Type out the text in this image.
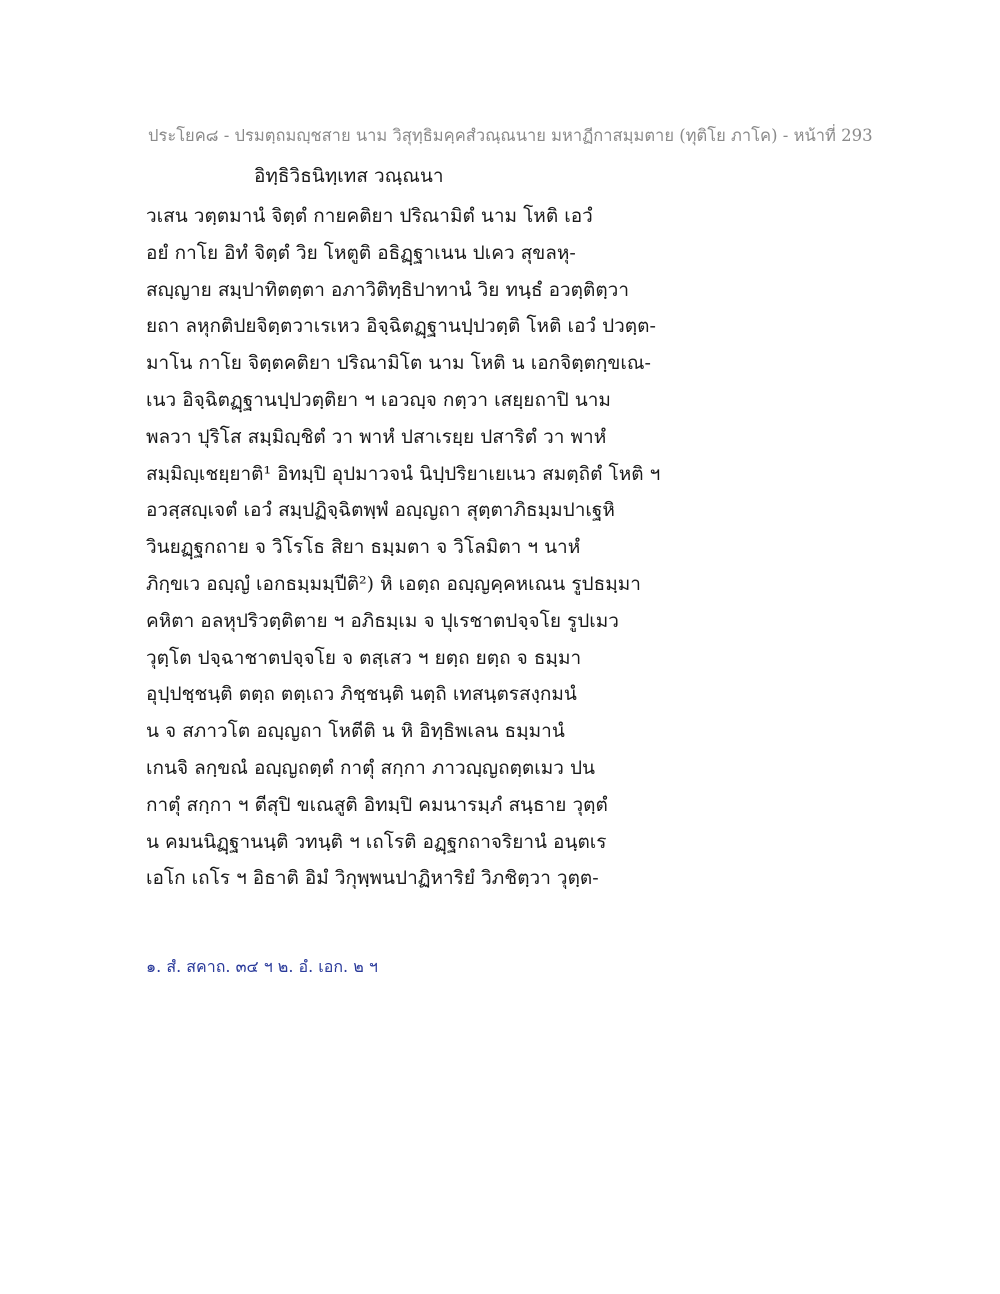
ประโยค๘ - ปรมตฺถมญฺชสาย นาม วิสุทฺธิมคฺคสํวณฺณนาย มหาฏีกาสมฺมตาย (ทุติโย ภาโค) - หน้าที่ 293
อิทฺธิวิธนิทฺเทส วณฺณนา
วเสน วตฺตมานํ จิตฺตํ กายคติยา ปริณามิตํ นาม โหติ เอวํ
อยํ กาโย อิทํ จิตฺตํ วิย โหตูติ อธิฏฺฐาเนน ปเคว สุขลหุ-
สญฺญาย สมฺปาทิตตฺตา อภาวิติทฺธิปาทานํ วิย ทนฺธํ อวตฺติตฺวา
ยถา ลหุกติปยจิตฺตวาเรเหว อิจฺฉิตฏฺฐานปฺปวตฺติ โหติ เอวํ ปวตฺต-
มาโน กาโย จิตฺตคติยา ปริณามิโต นาม โหติ น เอกจิตฺตกฺขเณ-
เนว อิจฺฉิตฏฺฐานปฺปวตฺติยา ฯ เอวญฺจ กตฺวา เสยฺยถาปิ นาม
พลวา ปุริโส สมฺมิญฺชิตํ วา พาหํ ปสาเรยฺย ปสาริตํ วา พาหํ
สมฺมิญฺเชยฺยาติ¹ อิทมฺปิ อุปมาวจนํ นิปฺปริยาเยเนว สมตฺถิตํ โหติ ฯ
อวสฺสญฺเจตํ เอวํ สมฺปฏิจฺฉิตพฺพํ อญฺญถา สุตฺตาภิธมฺมปาเฐหิ
วินยฏฺฐกถาย จ วิโรโธ สิยา ธมฺมตา จ วิโลมิตา ฯ นาหํ
ภิกฺขเว อญฺญํ เอกธมฺมมฺปีติ²) หิ เอตฺถ อญฺญคฺคหเณน รูปธมฺมา
คหิตา อลหุปริวตฺติตาย ฯ อภิธมฺเม จ ปุเรชาตปจฺจโย รูปเมว
วุตฺโต ปจฺฉาชาตปจฺจโย จ ตสฺเสว ฯ ยตฺถ ยตฺถ จ ธมฺมา
อุปฺปชฺชนฺติ ตตฺถ ตตฺเถว ภิชฺชนฺติ นตฺถิ เทสนฺตรสงฺกมนํ
น จ สภาวโต อญฺญถา โหตีติ น หิ อิทฺธิพเลน ธมฺมานํ
เกนจิ ลกฺขณํ อญฺญถตฺตํ กาตุํ สกฺกา ภาวญฺญถตฺตเมว ปน
กาตุํ สกฺกา ฯ ตีสุปิ ขเณสูติ อิทมฺปิ คมนารมฺภํ สนฺธาย วุตฺตํ
น คมนนิฏฺฐานนฺติ วทนฺติ ฯ เถโรติ อฏฺฐกถาจริยานํ อนฺตเร
เอโก เถโร ฯ อิธาติ อิมํ วิกุพฺพนปาฏิหาริยํ วิภชิตฺวา วุตฺต-
๑. สํ. สคาถ. ๓๔ ฯ ๒. อํ. เอก. ๒ ฯ
